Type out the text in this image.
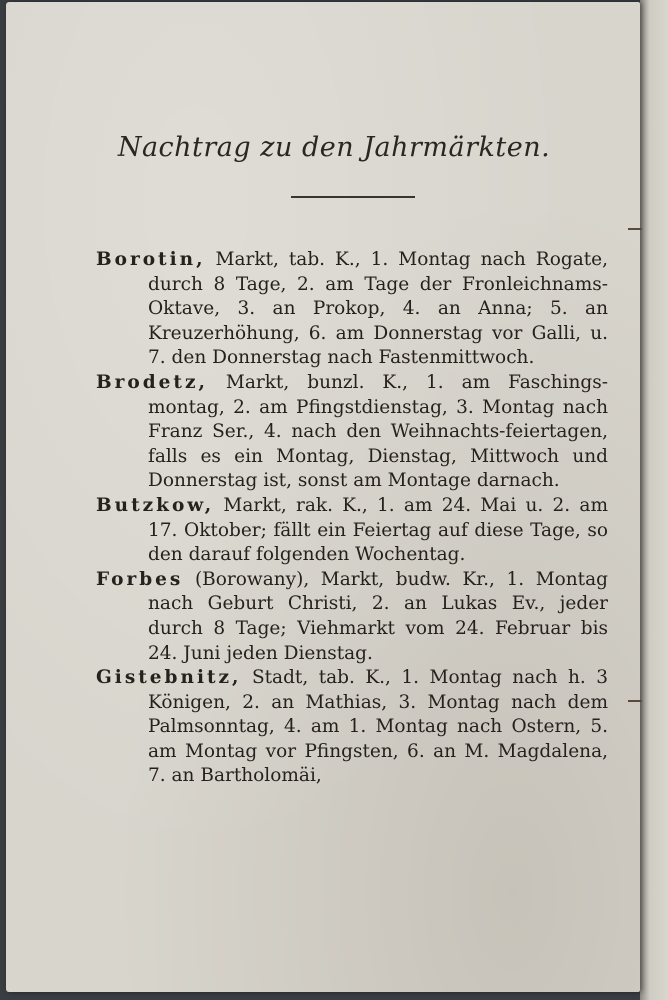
Nachtrag zu den Jahrmärkten.

Borotin, Markt, tab. K., 1. Montag nach Rogate, durch 8 Tage, 2. am Tage der Fronleichnams-Oktave, 3. an Prokop, 4. an Anna; 5. an Kreuzerhöhung, 6. am Donnerstag vor Galli, u. 7. den Donnerstag nach Fastenmittwoch.

Brodetz, Markt, bunzl. K., 1. am Faschings-montag, 2. am Pfingstdienstag, 3. Montag nach Franz Ser., 4. nach den Weihnachts-feiertagen, falls es ein Montag, Dienstag, Mittwoch und Donnerstag ist, sonst am Montage darnach.

Butzkow, Markt, rak. K., 1. am 24. Mai u. 2. am 17. Oktober; fällt ein Feiertag auf diese Tage, so den darauf folgenden Wochentag.

Forbes (Borowany), Markt, budw. Kr., 1. Montag nach Geburt Christi, 2. an Lukas Ev., jeder durch 8 Tage; Viehmarkt vom 24. Februar bis 24. Juni jeden Dienstag.

Gistebnitz, Stadt, tab. K., 1. Montag nach h. 3 Königen, 2. an Mathias, 3. Montag nach dem Palmsonntag, 4. am 1. Montag nach Ostern, 5. am Montag vor Pfingsten, 6. an M. Magdalena, 7. an Bartholomäi,
